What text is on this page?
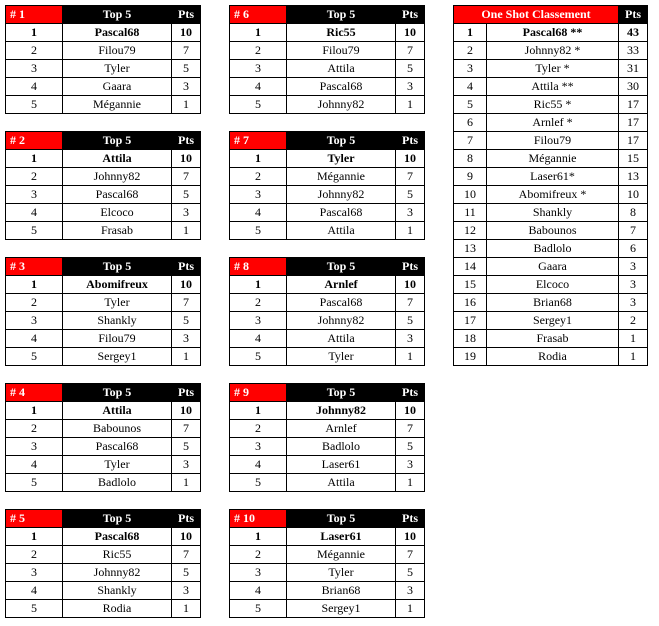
# 1	Top 5	Pts
1	Pascal68	10
2	Filou79	7
3	Tyler	5
4	Gaara	3
5	Mégannie	1
# 2	Top 5	Pts
1	Attila	10
2	Johnny82	7
3	Pascal68	5
4	Elcoco	3
5	Frasab	1
# 3	Top 5	Pts
1	Abomifreux	10
2	Tyler	7
3	Shankly	5
4	Filou79	3
5	Sergey1	1
# 4	Top 5	Pts
1	Attila	10
2	Babounos	7
3	Pascal68	5
4	Tyler	3
5	Badlolo	1
# 5	Top 5	Pts
1	Pascal68	10
2	Ric55	7
3	Johnny82	5
4	Shankly	3
5	Rodia	1
# 6	Top 5	Pts
1	Ric55	10
2	Filou79	7
3	Attila	5
4	Pascal68	3
5	Johnny82	1
# 7	Top 5	Pts
1	Tyler	10
2	Mégannie	7
3	Johnny82	5
4	Pascal68	3
5	Attila	1
# 8	Top 5	Pts
1	Arnlef	10
2	Pascal68	7
3	Johnny82	5
4	Attila	3
5	Tyler	1
# 9	Top 5	Pts
1	Johnny82	10
2	Arnlef	7
3	Badlolo	5
4	Laser61	3
5	Attila	1
# 10	Top 5	Pts
1	Laser61	10
2	Mégannie	7
3	Tyler	5
4	Brian68	3
5	Sergey1	1
One Shot Classement		Pts
1	Pascal68 **	43
2	Johnny82 *	33
3	Tyler *	31
4	Attila **	30
5	Ric55 *	17
6	Arnlef *	17
7	Filou79	17
8	Mégannie	15
9	Laser61*	13
10	Abomifreux *	10
11	Shankly	8
12	Babounos	7
13	Badlolo	6
14	Gaara	3
15	Elcoco	3
16	Brian68	3
17	Sergey1	2
18	Frasab	1
19	Rodia	1
